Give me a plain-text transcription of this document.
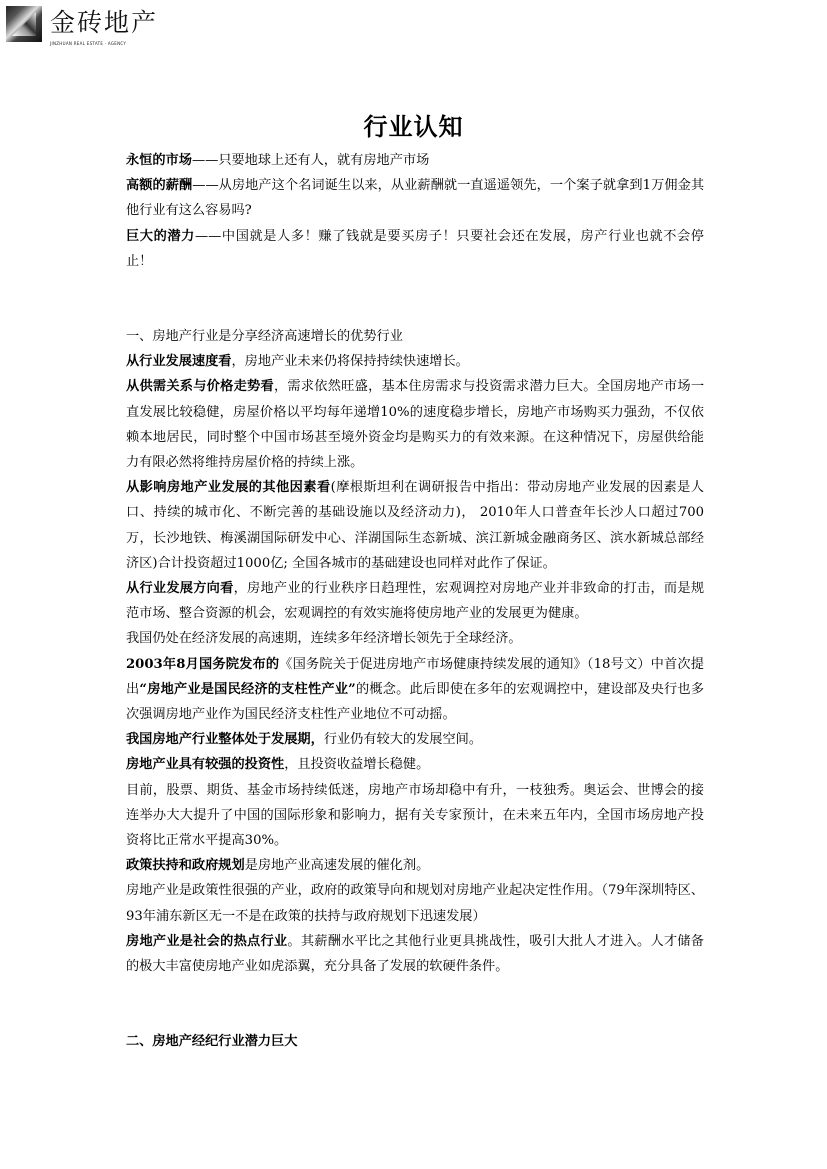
金砖地产
JINZHUAN REAL ESTATE · AGENCY
行业认知

永恒的市场——只要地球上还有人，就有房地产市场

高额的薪酬——从房地产这个名词诞生以来，从业薪酬就一直遥遥领先，一个案子就拿到1万佣金其他行业有这么容易吗?

巨大的潜力——中国就是人多！赚了钱就是要买房子！只要社会还在发展，房产行业也就不会停止！

一、房地产行业是分享经济高速增长的优势行业

从行业发展速度看，房地产业未来仍将保持持续快速增长。

从供需关系与价格走势看，需求依然旺盛，基本住房需求与投资需求潜力巨大。全国房地产市场一直发展比较稳健，房屋价格以平均每年递增10%的速度稳步增长，房地产市场购买力强劲，不仅依赖本地居民，同时整个中国市场甚至境外资金均是购买力的有效来源。在这种情况下，房屋供给能力有限必然将维持房屋价格的持续上涨。

从影响房地产业发展的其他因素看(摩根斯坦利在调研报告中指出：带动房地产业发展的因素是人口、持续的城市化、不断完善的基础设施以及经济动力)， 2010年人口普查年长沙人口超过700万，长沙地铁、梅溪湖国际研发中心、洋湖国际生态新城、滨江新城金融商务区、滨水新城总部经济区)合计投资超过1000亿; 全国各城市的基础建设也同样对此作了保证。

从行业发展方向看，房地产业的行业秩序日趋理性，宏观调控对房地产业并非致命的打击，而是规范市场、整合资源的机会，宏观调控的有效实施将使房地产业的发展更为健康。

我国仍处在经济发展的高速期，连续多年经济增长领先于全球经济。

2003年8月国务院发布的《国务院关于促进房地产市场健康持续发展的通知》（18号文）中首次提出“房地产业是国民经济的支柱性产业”的概念。此后即使在多年的宏观调控中，建设部及央行也多次强调房地产业作为国民经济支柱性产业地位不可动摇。

我国房地产行业整体处于发展期，行业仍有较大的发展空间。

房地产业具有较强的投资性，且投资收益增长稳健。

目前，股票、期货、基金市场持续低迷，房地产市场却稳中有升，一枝独秀。奥运会、世博会的接连举办大大提升了中国的国际形象和影响力，据有关专家预计，在未来五年内，全国市场房地产投资将比正常水平提高30%。

政策扶持和政府规划是房地产业高速发展的催化剂。

房地产业是政策性很强的产业，政府的政策导向和规划对房地产业起决定性作用。（79年深圳特区、93年浦东新区无一不是在政策的扶持与政府规划下迅速发展）

房地产业是社会的热点行业。其薪酬水平比之其他行业更具挑战性，吸引大批人才进入。人才储备的极大丰富使房地产业如虎添翼，充分具备了发展的软硬件条件。

二、房地产经纪行业潜力巨大
